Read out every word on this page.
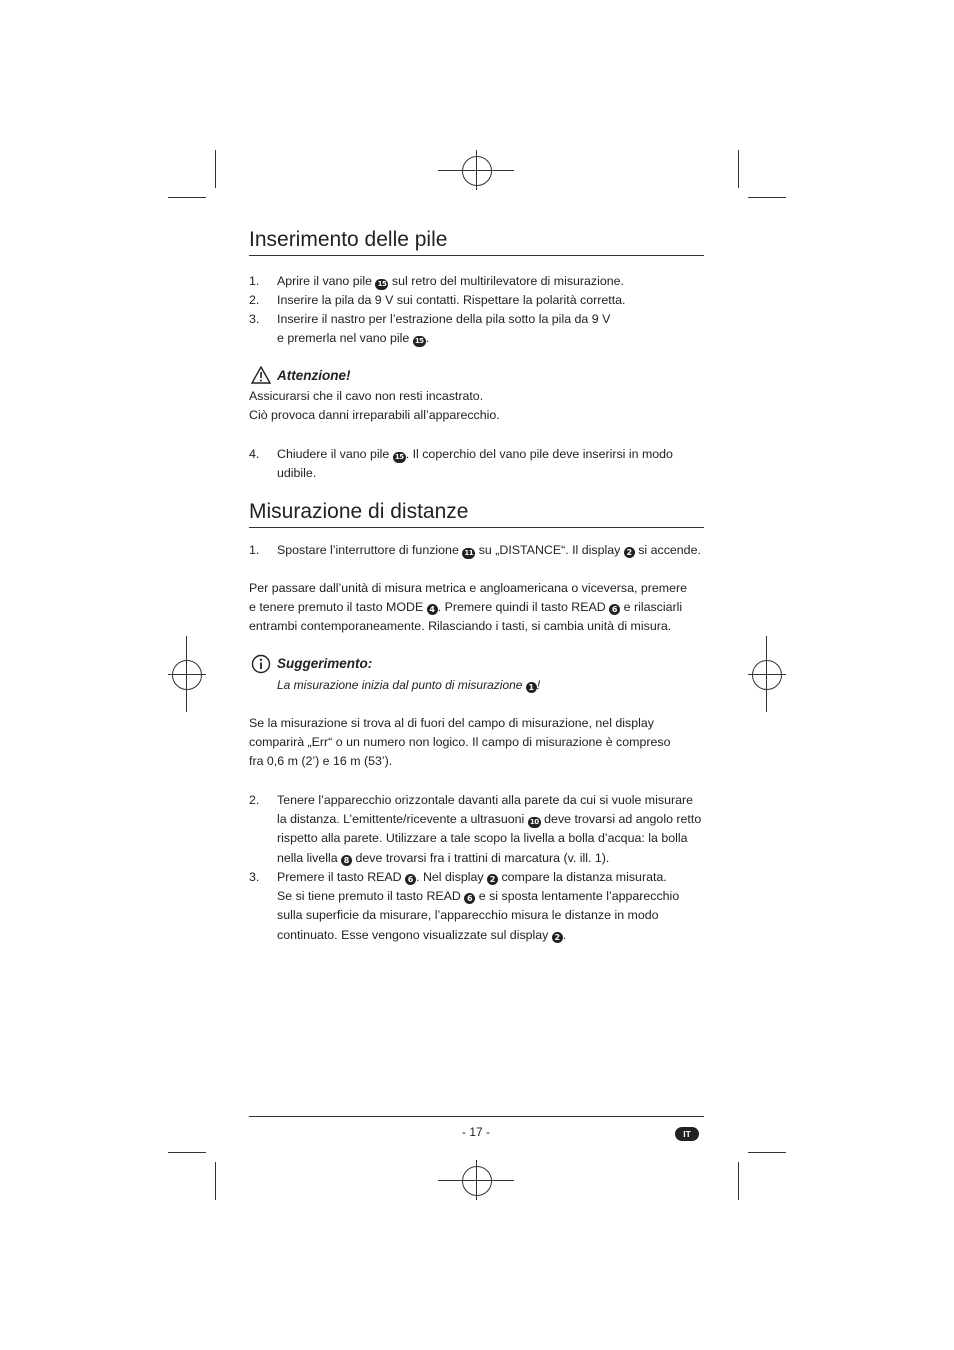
Inserimento delle pile
1.	Aprire il vano pile 15 sul retro del multirilevatore di misurazione.
2.	Inserire la pila da 9 V sui contatti. Rispettare la polarità corretta.
3.	Inserire il nastro per l’estrazione della pila sotto la pila da 9 V
e premerla nel vano pile 15 .
Attenzione!
Assicurarsi che il cavo non resti incastrato.
Ciò provoca danni irreparabili all’apparecchio.
4.	Chiudere il vano pile 15 . Il coperchio del vano pile deve inserirsi in modo
udibile.
Misurazione di distanze
1.	Spostare l’interruttore di funzione 11 su „DISTANCE“. Il display 2 si accende.
Per passare dall’unità di misura metrica e angloamericana o viceversa, premere
e tenere premuto il tasto MODE 4 . Premere quindi il tasto READ 6 e rilasciarli
entrambi contemporaneamente. Rilasciando i tasti, si cambia unità di misura.
Suggerimento:
La misurazione inizia dal punto di misurazione 1 !
Se la misurazione si trova al di fuori del campo di misurazione, nel display
comparirà „Err“ o un numero non logico. Il campo di misurazione è compreso
fra 0,6 m (2’) e 16 m (53’).
2.	Tenere l’apparecchio orizzontale davanti alla parete da cui si vuole misurare
la distanza. L’emittente/ricevente a ultrasuoni 10 deve trovarsi ad angolo retto
rispetto alla parete. Utilizzare a tale scopo la livella a bolla d’acqua: la bolla
nella livella 8 deve trovarsi fra i trattini di marcatura (v. ill. 1).
3.	Premere il tasto READ 6 . Nel display 2 compare la distanza misurata.
Se si tiene premuto il tasto READ 6 e si sposta lentamente l’apparecchio
sulla superficie da misurare, l’apparecchio misura le distanze in modo
continuato. Esse vengono visualizzate sul display 2 .
- 17 -	IT
